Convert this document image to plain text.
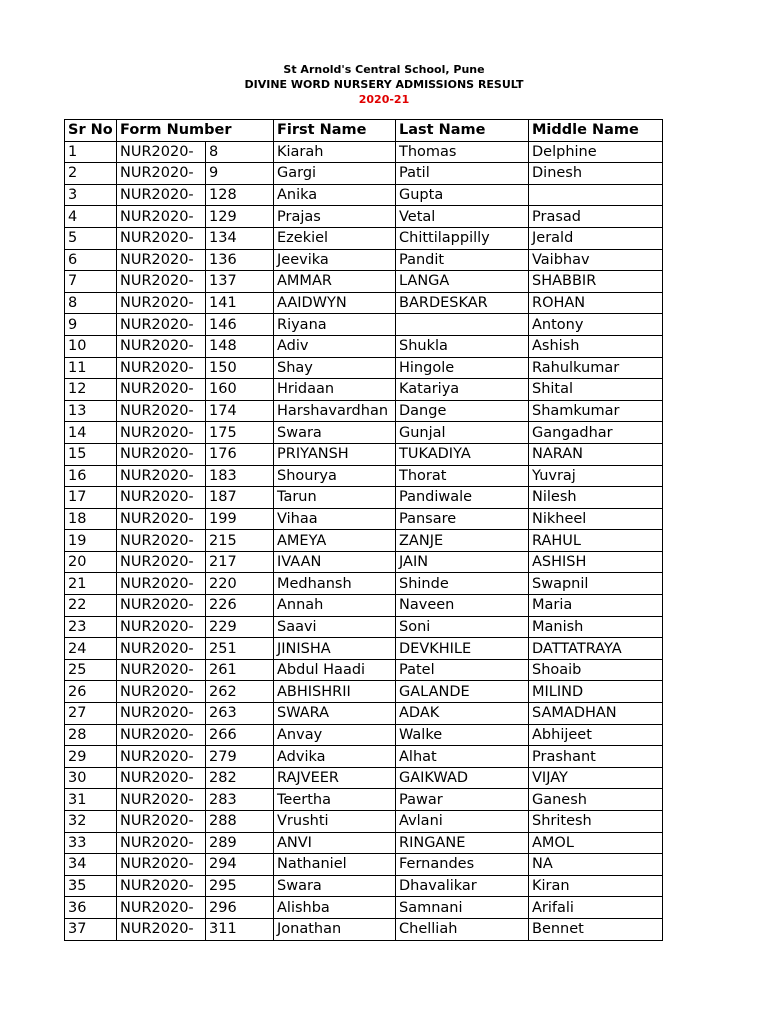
St Arnold's Central School, Pune
DIVINE WORD NURSERY ADMISSIONS RESULT
2020-21
Sr No	Form Number		First Name	Last Name	Middle Name
1	NUR2020-	8	Kiarah	Thomas	Delphine
2	NUR2020-	9	Gargi	Patil	Dinesh
3	NUR2020-	128	Anika	Gupta	
4	NUR2020-	129	Prajas	Vetal	Prasad
5	NUR2020-	134	Ezekiel	Chittilappilly	Jerald
6	NUR2020-	136	Jeevika	Pandit	Vaibhav
7	NUR2020-	137	AMMAR	LANGA	SHABBIR
8	NUR2020-	141	AAIDWYN	BARDESKAR	ROHAN
9	NUR2020-	146	Riyana		Antony
10	NUR2020-	148	Adiv	Shukla	Ashish
11	NUR2020-	150	Shay	Hingole	Rahulkumar
12	NUR2020-	160	Hridaan	Katariya	Shital
13	NUR2020-	174	Harshavardhan	Dange	Shamkumar
14	NUR2020-	175	Swara	Gunjal	Gangadhar
15	NUR2020-	176	PRIYANSH	TUKADIYA	NARAN
16	NUR2020-	183	Shourya	Thorat	Yuvraj
17	NUR2020-	187	Tarun	Pandiwale	Nilesh
18	NUR2020-	199	Vihaa	Pansare	Nikheel
19	NUR2020-	215	AMEYA	ZANJE	RAHUL
20	NUR2020-	217	IVAAN	JAIN	ASHISH
21	NUR2020-	220	Medhansh	Shinde	Swapnil
22	NUR2020-	226	Annah	Naveen	Maria
23	NUR2020-	229	Saavi	Soni	Manish
24	NUR2020-	251	JINISHA	DEVKHILE	DATTATRAYA
25	NUR2020-	261	Abdul Haadi	Patel	Shoaib
26	NUR2020-	262	ABHISHRII	GALANDE	MILIND
27	NUR2020-	263	SWARA	ADAK	SAMADHAN
28	NUR2020-	266	Anvay	Walke	Abhijeet
29	NUR2020-	279	Advika	Alhat	Prashant
30	NUR2020-	282	RAJVEER	GAIKWAD	VIJAY
31	NUR2020-	283	Teertha	Pawar	Ganesh
32	NUR2020-	288	Vrushti	Avlani	Shritesh
33	NUR2020-	289	ANVI	RINGANE	AMOL
34	NUR2020-	294	Nathaniel	Fernandes	NA
35	NUR2020-	295	Swara	Dhavalikar	Kiran
36	NUR2020-	296	Alishba	Samnani	Arifali
37	NUR2020-	311	Jonathan	Chelliah	Bennet
